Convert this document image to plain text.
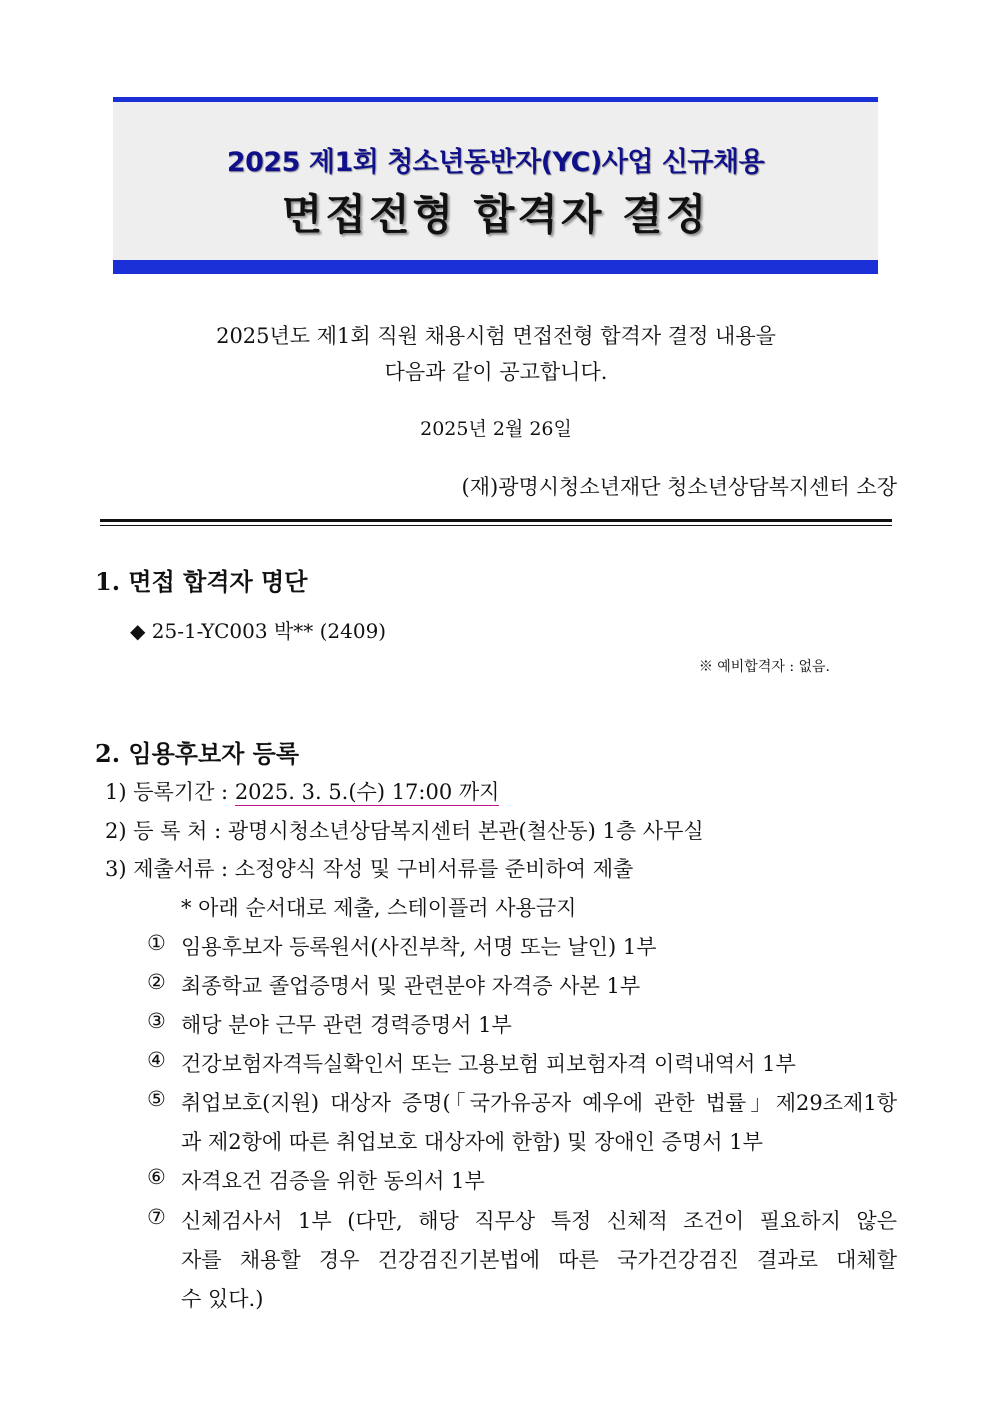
2025 제1회 청소년동반자(YC)사업 신규채용
면접전형 합격자 결정
2025년도 제1회 직원 채용시험 면접전형 합격자 결정 내용을
다음과 같이 공고합니다.
2025년 2월 26일
(재)광명시청소년재단 청소년상담복지센터 소장
1. 면접 합격자 명단
◆ 25-1-YC003 박** (2409)
※ 예비합격자 : 없음.
2. 임용후보자 등록
1) 등록기간 : 2025. 3. 5.(수) 17:00 까지
2) 등 록 처 : 광명시청소년상담복지센터 본관(철산동) 1층 사무실
3) 제출서류 : 소정양식 작성 및 구비서류를 준비하여 제출
* 아래 순서대로 제출, 스테이플러 사용금지
① 임용후보자 등록원서(사진부착, 서명 또는 날인) 1부
② 최종학교 졸업증명서 및 관련분야 자격증 사본 1부
③ 해당 분야 근무 관련 경력증명서 1부
④ 건강보험자격득실확인서 또는 고용보험 피보험자격 이력내역서 1부
⑤ 취업보호(지원) 대상자 증명(「국가유공자 예우에 관한 법률」제29조제1항
과 제2항에 따른 취업보호 대상자에 한함) 및 장애인 증명서 1부
⑥ 자격요건 검증을 위한 동의서 1부
⑦ 신체검사서 1부 (다만, 해당 직무상 특정 신체적 조건이 필요하지 않은
자를 채용할 경우 건강검진기본법에 따른 국가건강검진 결과로 대체할
수 있다.)
